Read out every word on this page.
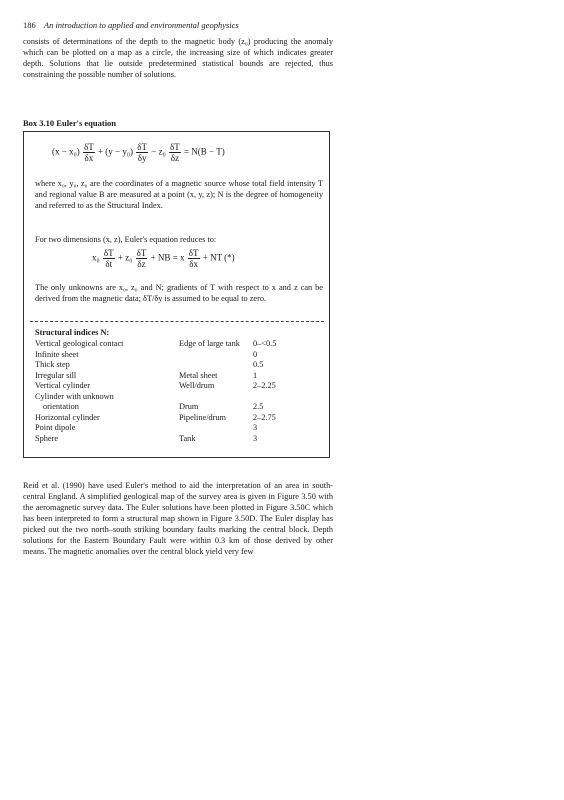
186 An introduction to applied and environmental geophysics

consists of determinations of the depth to the magnetic body (z₀) producing the anomaly which can be plotted on a map as a circle, the increasing size of which indicates greater depth. Solutions that lie outside predetermined statistical bounds are rejected, thus constraining the possible number of solutions.

Box 3.10 Euler's equation

$(x - x_0) \frac{\delta T}{\delta x} + (y - y_0) \frac{\delta T}{\delta y} - z_0 \frac{\delta T}{\delta z} = N(B - T)$

where x₀, y₀, z₀ are the coordinates of a magnetic source whose total field intensity T and regional value B are measured at a point (x, y, z); N is the degree of homogeneity and referred to as the Structural Index.

For two dimensions (x, z), Euler's equation reduces to:

$x_0 \frac{\delta T}{\delta t} + z_0 \frac{\delta T}{\delta z}$ + NB = x $\frac{\delta T}{\delta x}$ + NT (*)

The only unknowns are x₀, z₀ and N; gradients of T with respect to x and z can be derived from the magnetic data; δT/δy is assumed to be equal to zero.

Structural indices N:

Vertical geological contact	Edge of large tank	0–<0.5
Infinite sheet		0
Thick step		0.5
Irregular sill	Metal sheet	1
Vertical cylinder	Well/drum	2–2.25
Cylinder with unknown		
orientation	Drum	2.5
Horizontal cylinder	Pipeline/drum	2–2.75
Point dipole		3
Sphere	Tank	3

Reid et al. (1990) have used Euler's method to aid the interpretation of an area in south-central England. A simplified geological map of the survey area is given in Figure 3.50 with the aeromagnetic survey data. The Euler solutions have been plotted in Figure 3.50C which has been interpreted to form a structural map shown in Figure 3.50D. The Euler display has picked out the two north–south striking boundary faults marking the central block. Depth solutions for the Eastern Boundary Fault were within 0.3 km of those derived by other means. The magnetic anomalies over the central block yield very few
